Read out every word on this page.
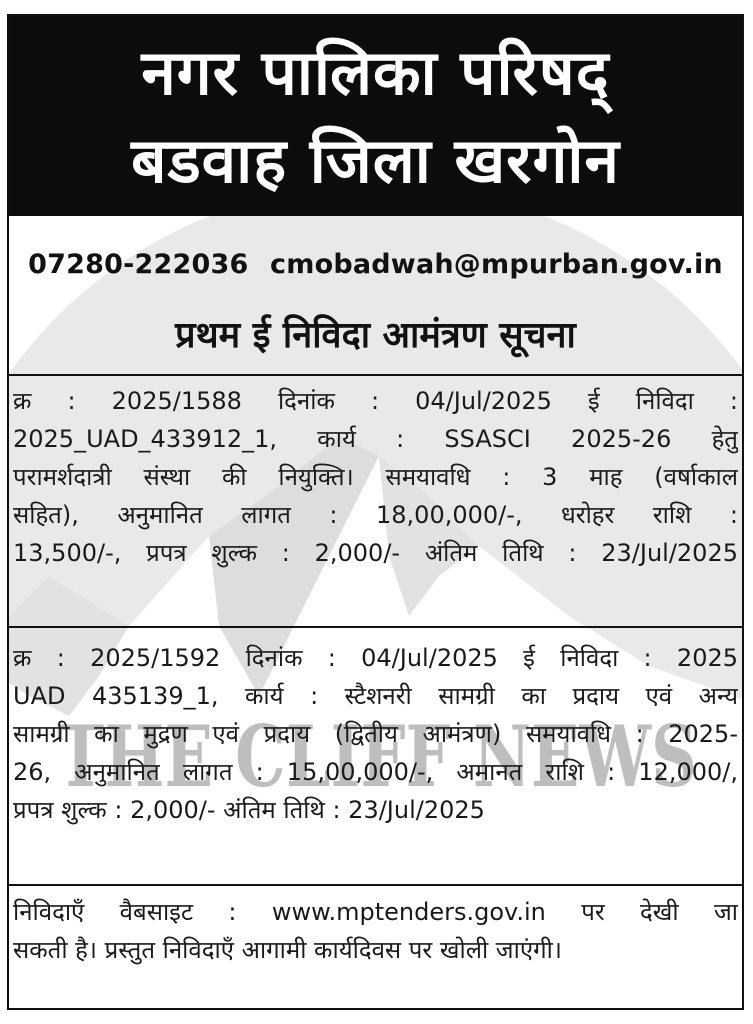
THE CLIFF NEWS
नगर पालिका परिषद्
बडवाह जिला खरगोन
07280-222036 cmobadwah@mpurban.gov.in
प्रथम ई निविदा आमंत्रण सूचना
क्र : 2025/1588 दिनांक : 04/Jul/2025 ई निविदा :
2025_UAD_433912_1, कार्य : SSASCI 2025-26 हेतु
परामर्शदात्री संस्था की नियुक्ति। समयावधि : 3 माह (वर्षाकाल
सहित), अनुमानित लागत : 18,00,000/-, धरोहर राशि :
13,500/-, प्रपत्र शुल्क : 2,000/- अंतिम तिथि : 23/Jul/2025
क्र : 2025/1592 दिनांक : 04/Jul/2025 ई निविदा : 2025
UAD 435139_1, कार्य : स्टैशनरी सामग्री का प्रदाय एवं अन्य
सामग्री का मुद्रण एवं प्रदाय (द्वितीय आमंत्रण) समयावधि : 2025-
26, अनुमानित लागत : 15,00,000/-, अमानत राशि : 12,000/,
प्रपत्र शुल्क : 2,000/- अंतिम तिथि : 23/Jul/2025
निविदाएँ वैबसाइट : www.mptenders.gov.in पर देखी जा
सकती है। प्रस्तुत निविदाएँ आगामी कार्यदिवस पर खोली जाएंगी।
